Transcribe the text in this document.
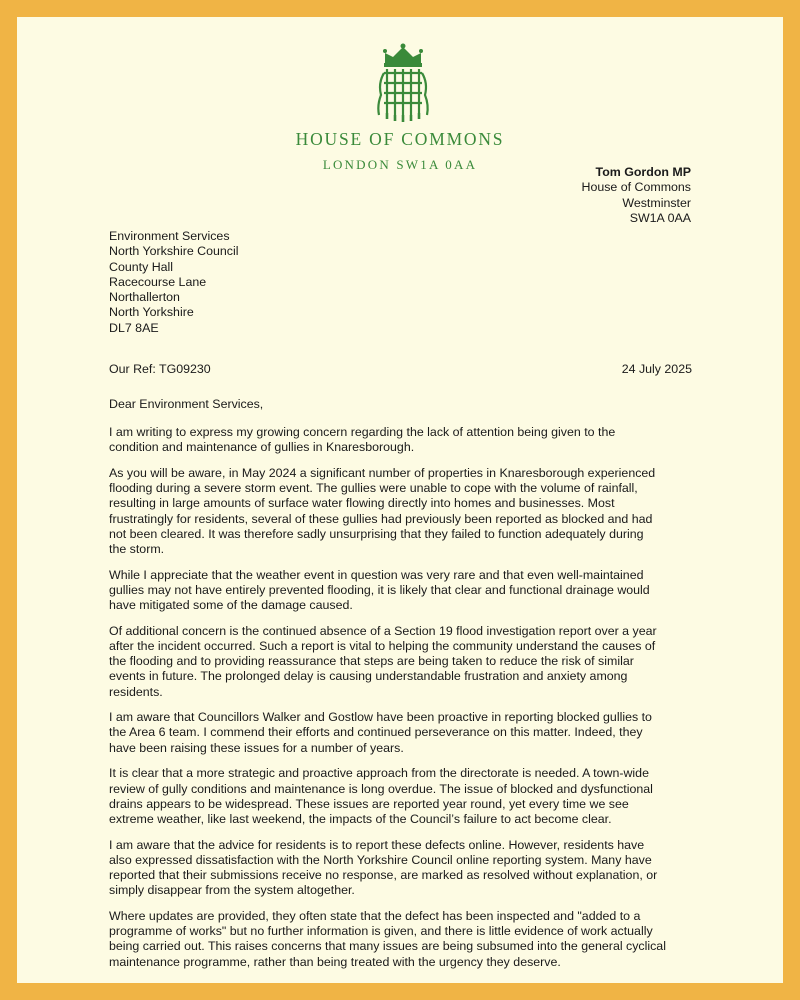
HOUSE OF COMMONS
LONDON SW1A 0AA	Tom Gordon MP
House of Commons
Westminster
SW1A 0AA
Environment Services
North Yorkshire Council
County Hall
Racecourse Lane
Northallerton
North Yorkshire
DL7 8AE
Our Ref: TG09230	24 July 2025
Dear Environment Services,

I am writing to express my growing concern regarding the lack of attention being given to the
condition and maintenance of gullies in Knaresborough.

As you will be aware, in May 2024 a significant number of properties in Knaresborough experienced
flooding during a severe storm event. The gullies were unable to cope with the volume of rainfall,
resulting in large amounts of surface water flowing directly into homes and businesses. Most
frustratingly for residents, several of these gullies had previously been reported as blocked and had
not been cleared. It was therefore sadly unsurprising that they failed to function adequately during
the storm.

While I appreciate that the weather event in question was very rare and that even well-maintained
gullies may not have entirely prevented flooding, it is likely that clear and functional drainage would
have mitigated some of the damage caused.

Of additional concern is the continued absence of a Section 19 flood investigation report over a year
after the incident occurred. Such a report is vital to helping the community understand the causes of
the flooding and to providing reassurance that steps are being taken to reduce the risk of similar
events in future. The prolonged delay is causing understandable frustration and anxiety among
residents.

I am aware that Councillors Walker and Gostlow have been proactive in reporting blocked gullies to
the Area 6 team. I commend their efforts and continued perseverance on this matter. Indeed, they
have been raising these issues for a number of years.

It is clear that a more strategic and proactive approach from the directorate is needed. A town-wide
review of gully conditions and maintenance is long overdue. The issue of blocked and dysfunctional
drains appears to be widespread. These issues are reported year round, yet every time we see
extreme weather, like last weekend, the impacts of the Council’s failure to act become clear.

I am aware that the advice for residents is to report these defects online. However, residents have
also expressed dissatisfaction with the North Yorkshire Council online reporting system. Many have
reported that their submissions receive no response, are marked as resolved without explanation, or
simply disappear from the system altogether.

Where updates are provided, they often state that the defect has been inspected and "added to a
programme of works" but no further information is given, and there is little evidence of work actually
being carried out. This raises concerns that many issues are being subsumed into the general cyclical
maintenance programme, rather than being treated with the urgency they deserve.
